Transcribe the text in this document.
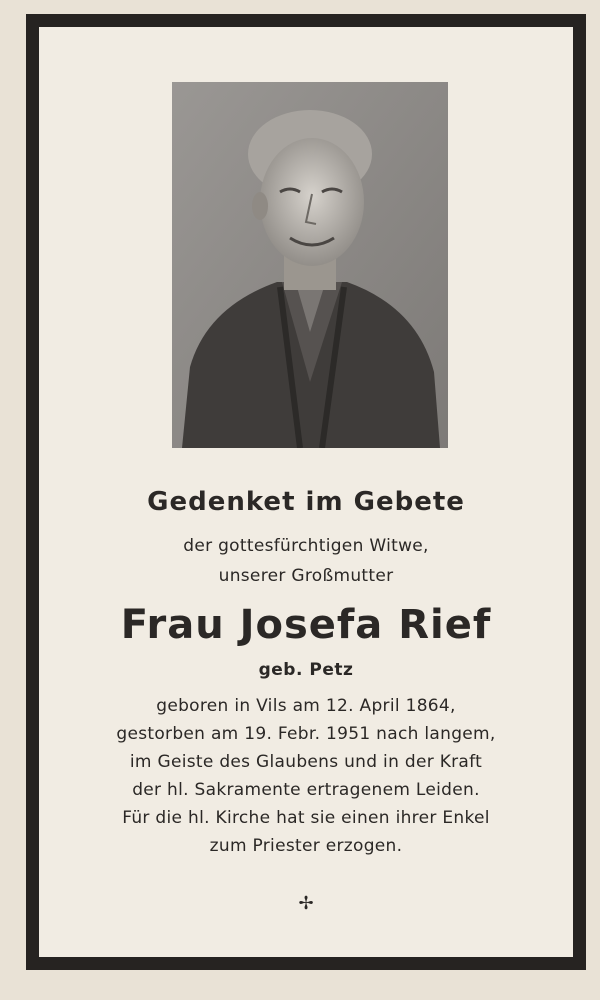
Gedenket im Gebete
der gottesfürchtigen Witwe,
unserer Großmutter
Frau Josefa Rief
geb. Petz
geboren in Vils am 12. April 1864,
gestorben am 19. Febr. 1951 nach langem,
im Geiste des Glaubens und in der Kraft
der hl. Sakramente ertragenem Leiden.
Für die hl. Kirche hat sie einen ihrer Enkel
zum Priester erzogen.
✢
